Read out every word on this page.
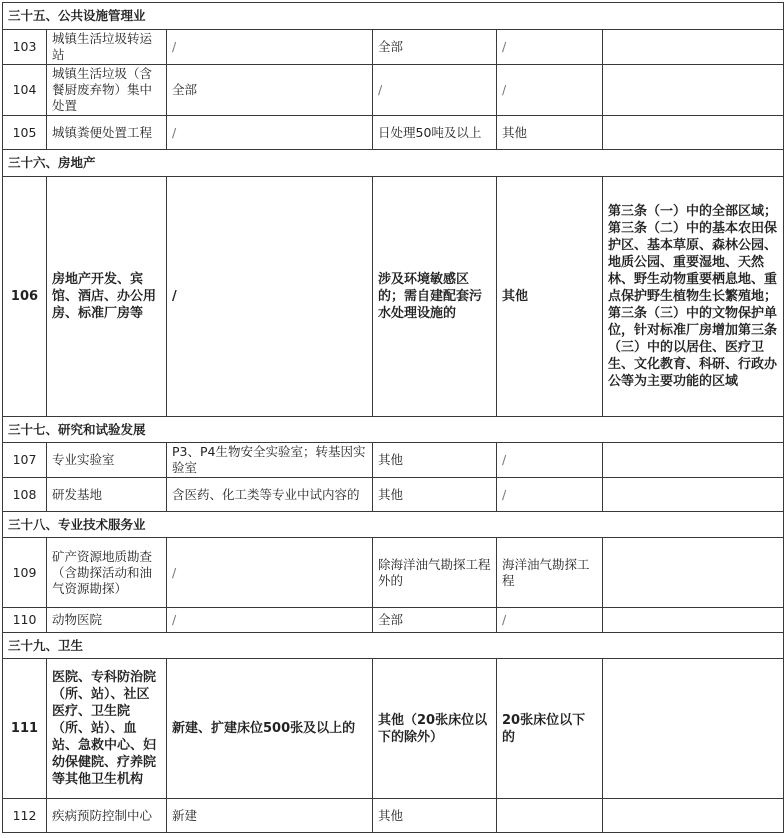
三十五、公共设施管理业					
103	城镇生活垃圾转运站	/	全部	/	
104	城镇生活垃圾（含餐厨废弃物）集中处置	全部	/	/	
105	城镇粪便处置工程	/	日处理50吨及以上	其他	
三十六、房地产					
106	房地产开发、宾馆、酒店、办公用房、标准厂房等	/	涉及环境敏感区的；需自建配套污水处理设施的	其他	第三条（一）中的全部区域；第三条（二）中的基本农田保护区、基本草原、森林公园、地质公园、重要湿地、天然林、野生动物重要栖息地、重点保护野生植物生长繁殖地；第三条（三）中的文物保护单位，针对标准厂房增加第三条（三）中的以居住、医疗卫生、文化教育、科研、行政办公等为主要功能的区域
三十七、研究和试验发展					
107	专业实验室	P3、P4生物安全实验室；转基因实验室	其他	/	
108	研发基地	含医药、化工类等专业中试内容的	其他	/	
三十八、专业技术服务业					
109	矿产资源地质勘查（含勘探活动和油气资源勘探）	/	除海洋油气勘探工程外的	海洋油气勘探工程	
110	动物医院	/	全部	/	
三十九、卫生					
111	医院、专科防治院（所、站）、社区医疗、卫生院（所、站）、血站、急救中心、妇幼保健院、疗养院等其他卫生机构	新建、扩建床位500张及以上的	其他（20张床位以下的除外）	20张床位以下的	
112	疾病预防控制中心	新建	其他		
